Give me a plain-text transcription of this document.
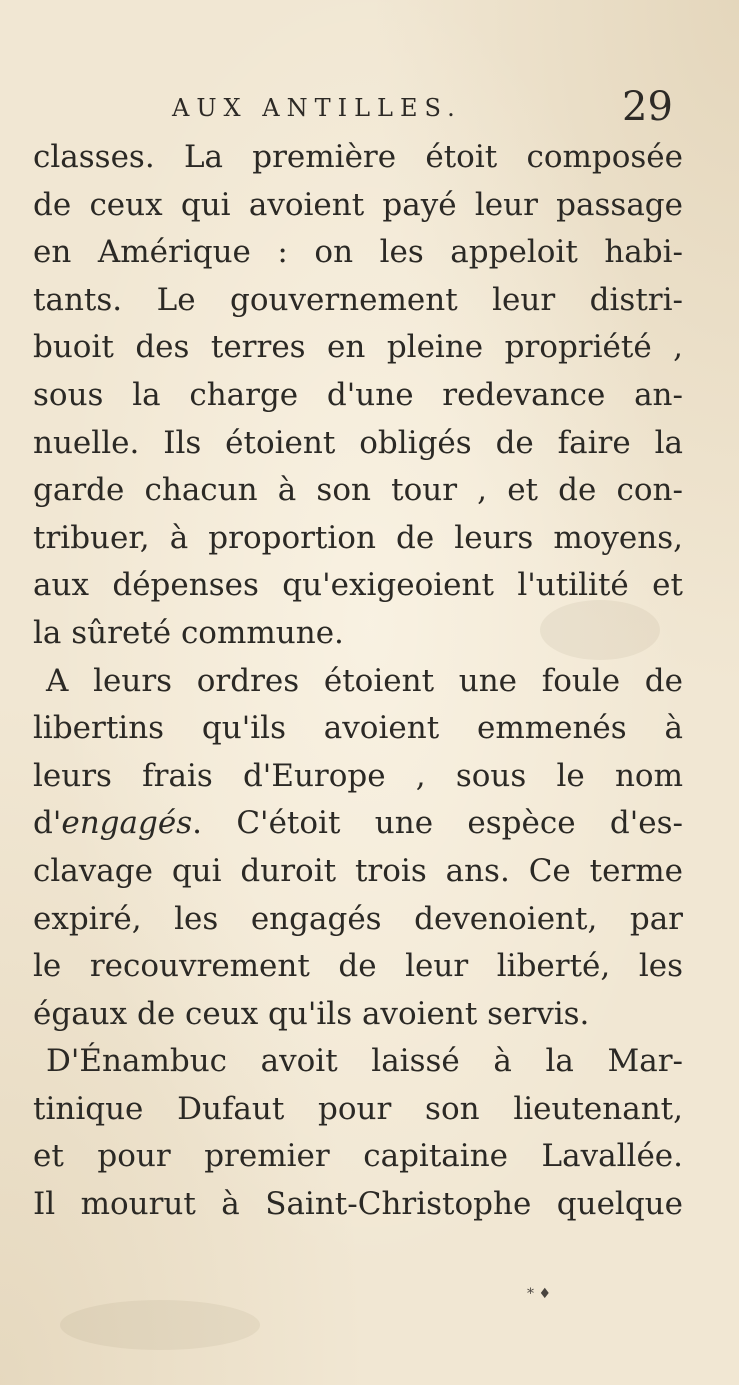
AUX ANTILLES.	29
classes. La première étoit composée
de ceux qui avoient payé leur passage
en Amérique : on les appeloit habi-
tants. Le gouvernement leur distri-
buoit des terres en pleine propriété ,
sous la charge d'une redevance an-
nuelle. Ils étoient obligés de faire la
garde chacun à son tour , et de con-
tribuer, à proportion de leurs moyens,
aux dépenses qu'exigeoient l'utilité et
la sûreté commune.
A leurs ordres étoient une foule de
libertins qu'ils avoient emmenés à
leurs frais d'Europe , sous le nom
d'engagés. C'étoit une espèce d'es-
clavage qui duroit trois ans. Ce terme
expiré, les engagés devenoient, par
le recouvrement de leur liberté, les
égaux de ceux qu'ils avoient servis.
D'Énambuc avoit laissé à la Mar-
tinique Dufaut pour son lieutenant,
et pour premier capitaine Lavallée.
Il mourut à Saint-Christophe quelque
* ♦
